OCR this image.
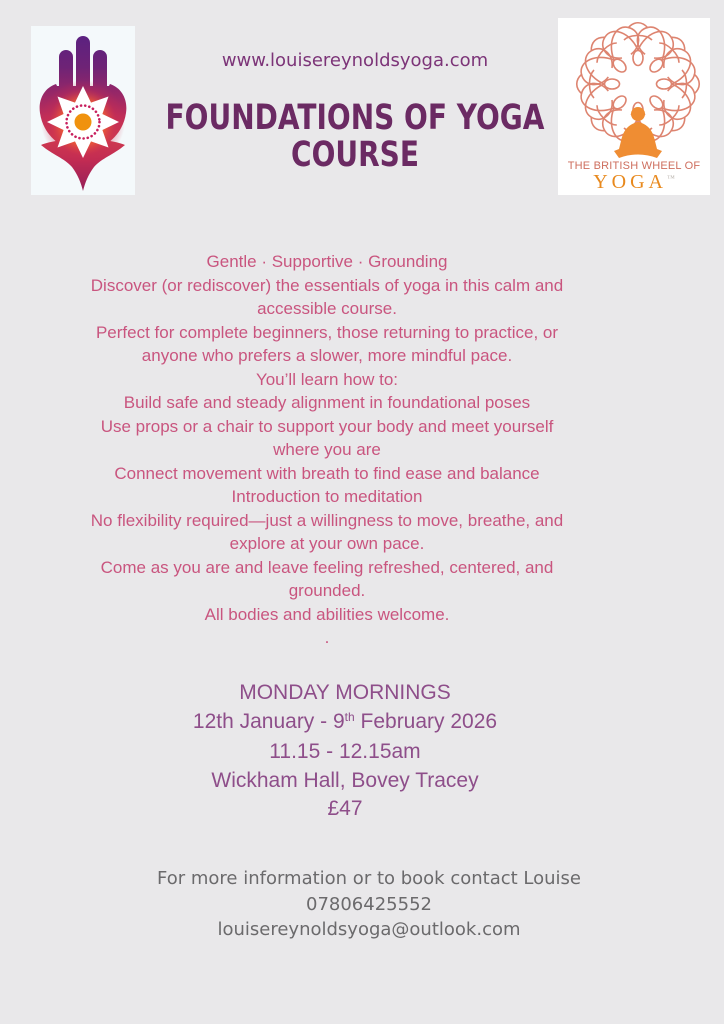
www.louisereynoldsyoga.com
FOUNDATIONS OF YOGA
COURSE	THE BRITISH WHEEL OF
YOGA™
Gentle · Supportive · Grounding
Discover (or rediscover) the essentials of yoga in this calm and
accessible course.
Perfect for complete beginners, those returning to practice, or
anyone who prefers a slower, more mindful pace.
You’ll learn how to:
Build safe and steady alignment in foundational poses
Use props or a chair to support your body and meet yourself
where you are
Connect movement with breath to find ease and balance
Introduction to meditation
No flexibility required—just a willingness to move, breathe, and
explore at your own pace.
Come as you are and leave feeling refreshed, centered, and
grounded.
All bodies and abilities welcome.
.
MONDAY MORNINGS
12th January - 9th February 2026
11.15 - 12.15am
Wickham Hall, Bovey Tracey
£47
For more information or to book contact Louise
07806425552
louisereynoldsyoga@outlook.com
